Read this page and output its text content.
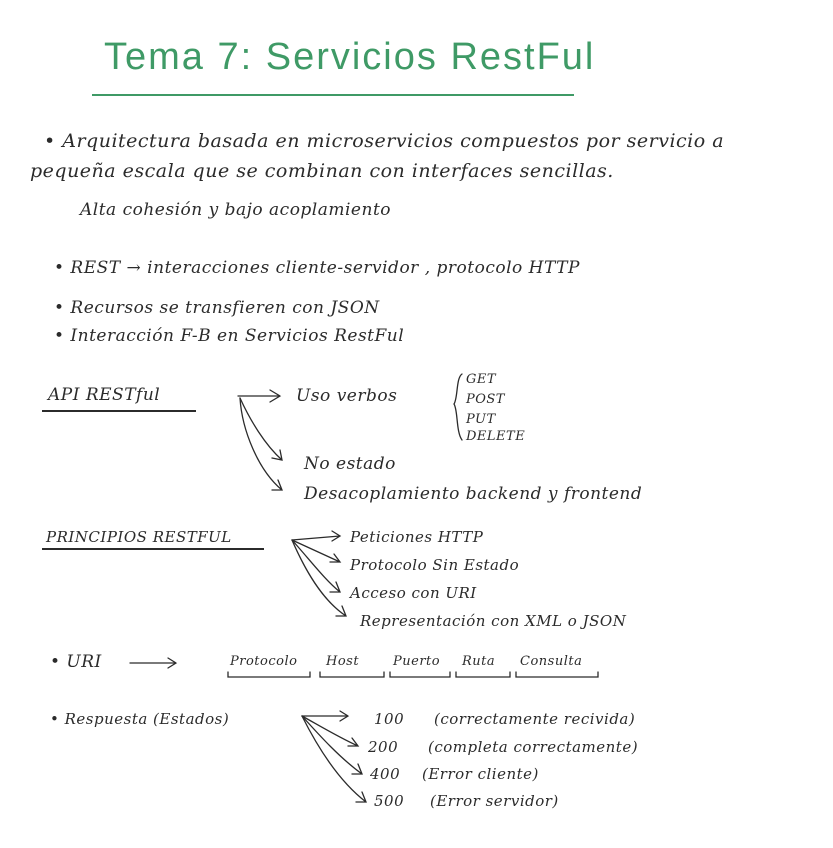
Tema 7: Servicios RestFul
• Arquitectura basada en microservicios compuestos por servicio a
pequeña escala que se combinan con interfaces sencillas.
Alta cohesión y bajo acoplamiento
• REST → interacciones cliente-servidor , protocolo HTTP
• Recursos se transfieren con JSON
• Interacción F-B en Servicios RestFul
API RESTful	Uso verbos
GET
POST
PUT
DELETE
No estado
Desacoplamiento backend y frontend
PRINCIPIOS RESTFUL	Peticiones HTTP
Protocolo Sin Estado
Acceso con URI
Representación con XML o JSON
• URI	Protocolo Host	Puerto Ruta Consulta
• Respuesta (Estados)	100 (correctamente recivida)
200 (completa correctamente)
400 (Error cliente)
500 (Error servidor)
